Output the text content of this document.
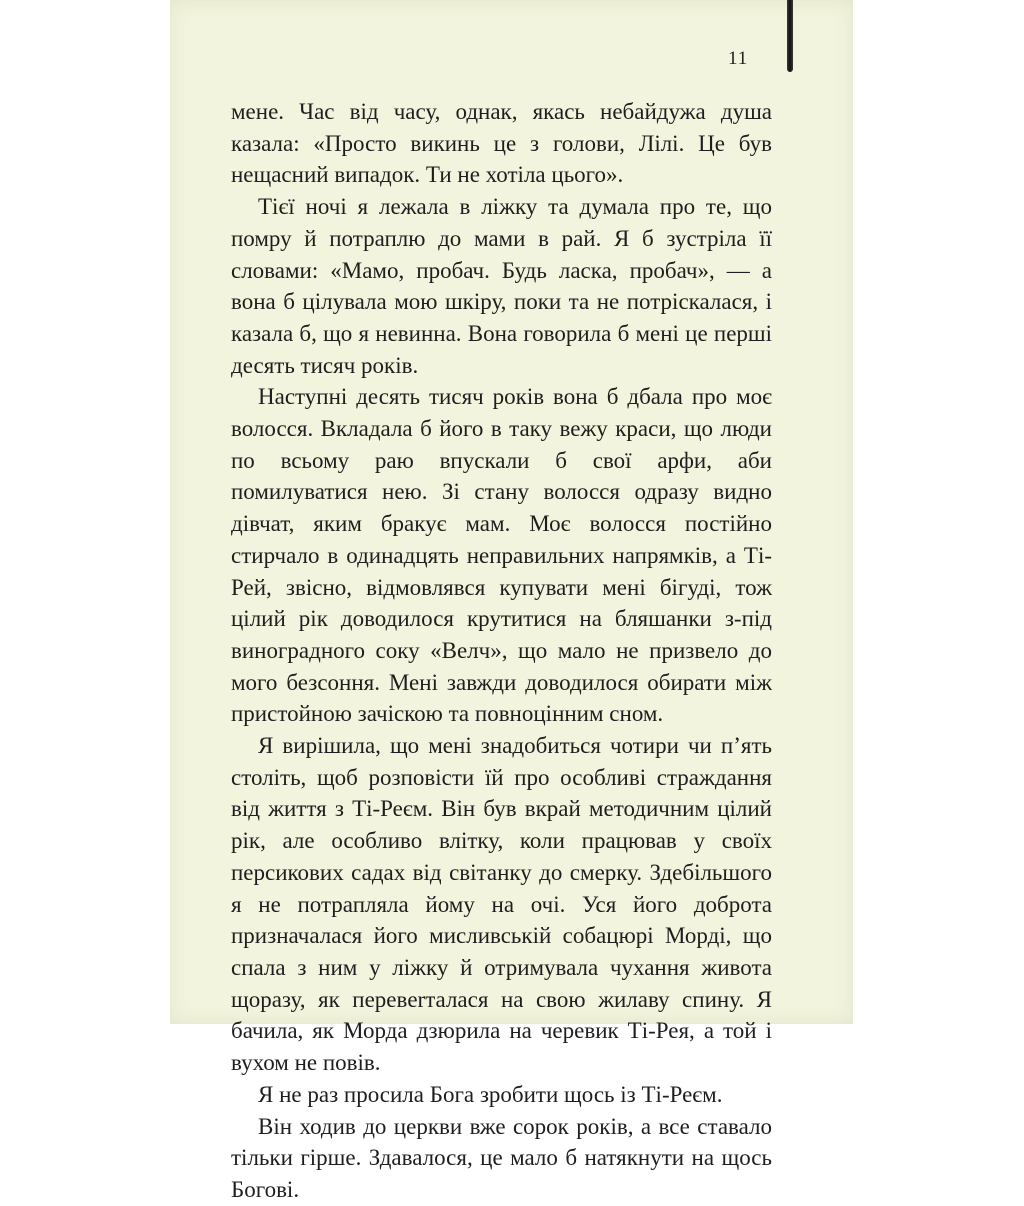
11

мене. Час від часу, однак, якась небайдужа душа казала: «Просто викинь це з голови, Лілі. Це був нещасний випадок. Ти не хотіла цього».

Тієї ночі я лежала в ліжку та думала про те, що помру й потраплю до мами в рай. Я б зустріла її словами: «Мамо, пробач. Будь ласка, пробач», — а вона б цілувала мою шкіру, поки та не потріскалася, і казала б, що я невинна. Вона говорила б мені це перші десять тисяч років.

Наступні десять тисяч років вона б дбала про моє волосся. Вкладала б його в таку вежу краси, що люди по всьому раю впускали б свої арфи, аби помилуватися нею. Зі стану волосся одразу видно дівчат, яким бракує мам. Моє волосся постійно стирчало в одинадцять неправильних напрямків, а Ті-Рей, звісно, відмовлявся купувати мені бігуді, тож цілий рік доводилося крутитися на бляшанки з-під виноградного соку «Велч», що мало не призвело до мого безсоння. Мені завжди доводилося обирати між пристойною зачіскою та повноцінним сном.

Я вирішила, що мені знадобиться чотири чи п’ять століть, щоб розповісти їй про особливі страждання від життя з Ті-Реєм. Він був вкрай методичним цілий рік, але особливо влітку, коли працював у своїх персикових садах від світанку до смерку. Здебільшого я не потрапляла йому на очі. Уся його доброта призначалася його мисливській собацюрі Морді, що спала з ним у ліжку й отримувала чухання живота щоразу, як перевerталася на свою жилаву спину. Я бачила, як Морда дзюрила на черевик Ті-Рея, а той і вухом не повів.

Я не раз просила Бога зробити щось із Ті-Реєм.

Він ходив до церкви вже сорок років, а все ставало тільки гірше. Здавалося, це мало б натякнути на щось Богові.
